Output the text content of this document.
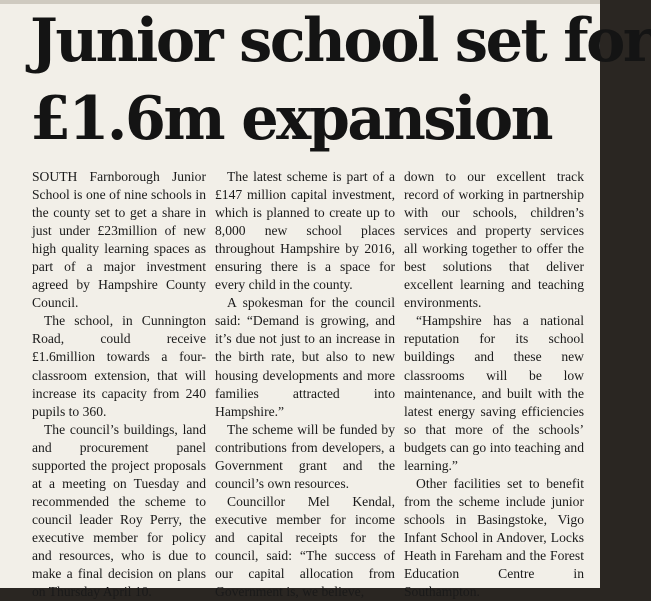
Junior school set for
£1.6m expansion

SOUTH Farnborough Junior School is one of nine schools in the county set to get a share in just under £23million of new high quality learning spaces as part of a major investment agreed by Hampshire County Council.

The school, in Cunnington Road, could receive £1.6million towards a four-classroom extension, that will increase its capacity from 240 pupils to 360.

The council’s buildings, land and procurement panel supported the project proposals at a meeting on Tuesday and recommended the scheme to council leader Roy Perry, the executive member for policy and resources, who is due to make a final decision on plans on Thursday April 10.

The latest scheme is part of a £147 million capital investment, which is planned to create up to 8,000 new school places throughout Hampshire by 2016, ensuring there is a space for every child in the county.

A spokesman for the council said: “Demand is growing, and it’s due not just to an increase in the birth rate, but also to new housing developments and more families attracted into Hampshire.”

The scheme will be funded by contributions from developers, a Government grant and the council’s own resources.

Councillor Mel Kendal, executive member for income and capital receipts for the council, said: “The success of our capital allocation from Government is, we believe,

down to our excellent track record of working in partnership with our schools, children’s services and property services all working together to offer the best solutions that deliver excellent learning and teaching environments.

“Hampshire has a national reputation for its school buildings and these new classrooms will be low maintenance, and built with the latest energy saving efficiencies so that more of the schools’ budgets can go into teaching and learning.”

Other facilities set to benefit from the scheme include junior schools in Basingstoke, Vigo Infant School in Andover, Locks Heath in Fareham and the Forest Education Centre in Southampton.
